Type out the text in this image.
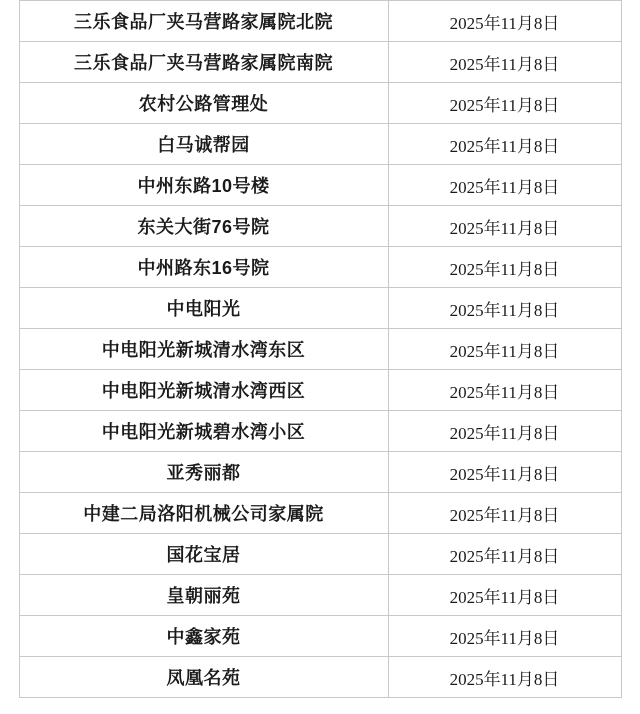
三乐食品厂夹马营路家属院北院	2025年11月8日
三乐食品厂夹马营路家属院南院	2025年11月8日
农村公路管理处	2025年11月8日
白马诚帮园	2025年11月8日
中州东路10号楼	2025年11月8日
东关大街76号院	2025年11月8日
中州路东16号院	2025年11月8日
中电阳光	2025年11月8日
中电阳光新城清水湾东区	2025年11月8日
中电阳光新城清水湾西区	2025年11月8日
中电阳光新城碧水湾小区	2025年11月8日
亚秀丽都	2025年11月8日
中建二局洛阳机械公司家属院	2025年11月8日
国花宝居	2025年11月8日
皇朝丽苑	2025年11月8日
中鑫家苑	2025年11月8日
凤凰名苑	2025年11月8日
